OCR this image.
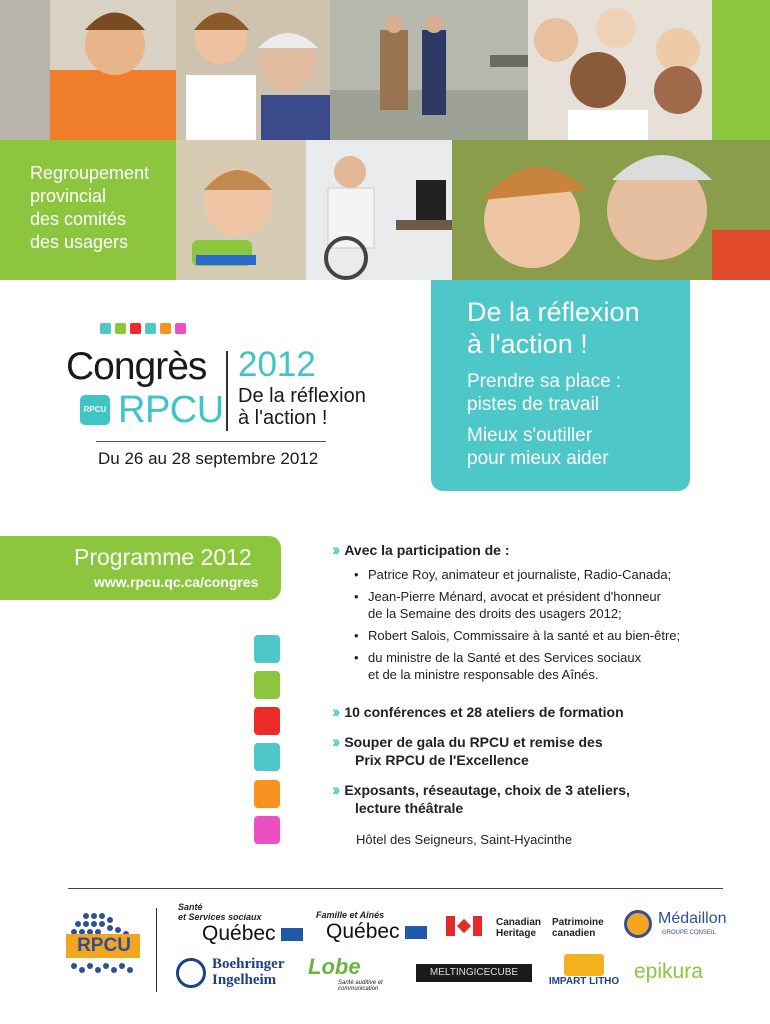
Regroupement
provincial
des comités
des usagers
Congrès
RPCU RPCU
2012
De la réflexion
à l'action !
Du 26 au 28 septembre 2012
De la réflexion
à l'action !
Prendre sa place :
pistes de travail
Mieux s'outiller
pour mieux aider
Programme 2012
www.rpcu.qc.ca/congres
›› Avec la participation de :
• Patrice Roy, animateur et journaliste, Radio-Canada;
• Jean-Pierre Ménard, avocat et président d'honneur
de la Semaine des droits des usagers 2012;
• Robert Salois, Commissaire à la santé et au bien-être;
• du ministre de la Santé et des Services sociaux
et de la ministre responsable des Aînés.
›› 10 conférences et 28 ateliers de formation
›› Souper de gala du RPCU et remise des
Prix RPCU de l'Excellence
›› Exposants, réseautage, choix de 3 ateliers,
lecture théâtrale
Hôtel des Seigneurs, Saint-Hyacinthe
RPCU
Santé
et Services sociaux
Québec
Famille et Aînés
Québec	Canadian
Heritage
Patrimoine
canadien
Médaillon
GROUPE CONSEIL
Boehringer
Ingelheim
Lobe
Santé auditive et communication
MELTINGICECUBE
IMPART LITHO epikura
